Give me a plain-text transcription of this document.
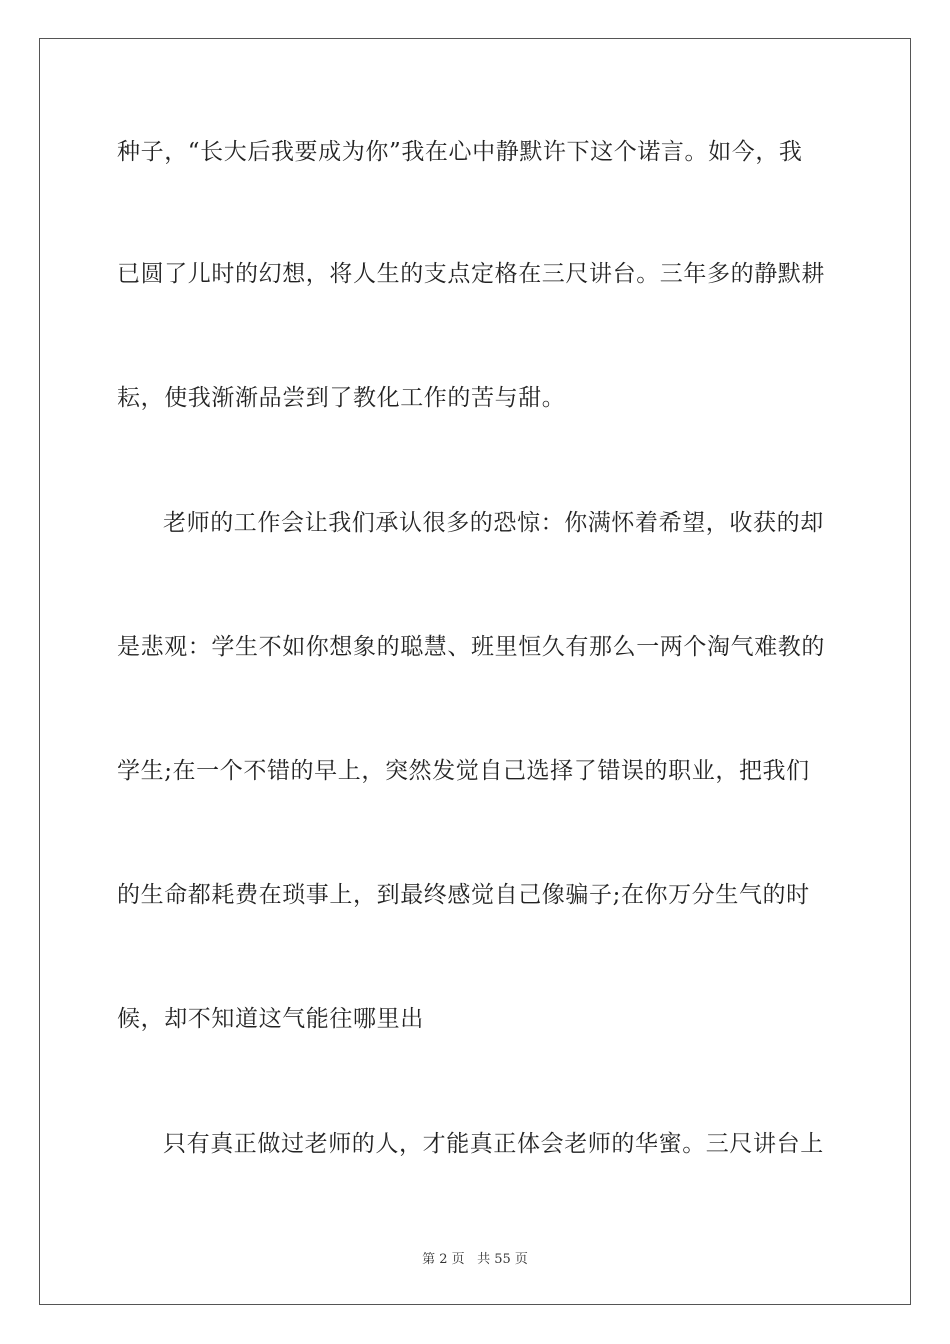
种子，“长大后我要成为你”我在心中静默许下这个诺言。如今，我
已圆了儿时的幻想，将人生的支点定格在三尺讲台。三年多的静默耕
耘，使我渐渐品尝到了教化工作的苦与甜。
老师的工作会让我们承认很多的恐惊：你满怀着希望，收获的却
是悲观：学生不如你想象的聪慧、班里恒久有那么一两个淘气难教的
学生;在一个不错的早上，突然发觉自己选择了错误的职业，把我们
的生命都耗费在琐事上，到最终感觉自己像骗子;在你万分生气的时
候，却不知道这气能往哪里出
只有真正做过老师的人，才能真正体会老师的华蜜。三尺讲台上
第 2 页 共 55 页
